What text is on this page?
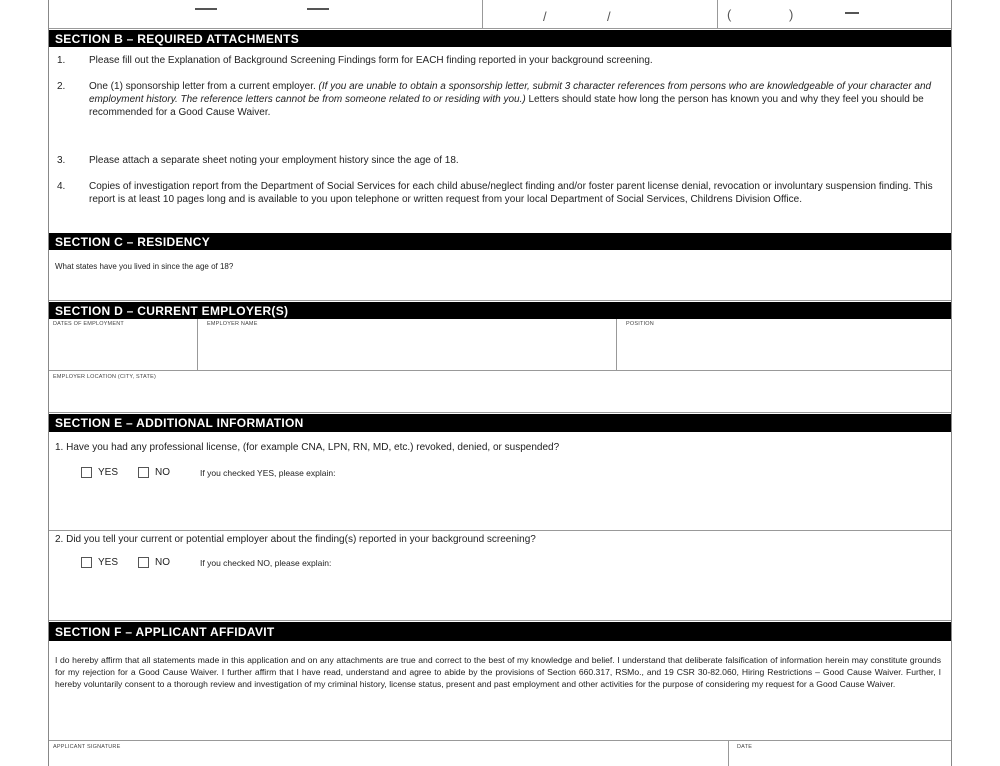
/	/	(	)
SECTION B – REQUIRED ATTACHMENTS
1.	Please fill out the Explanation of Background Screening Findings form for EACH finding reported in your background screening.
2.	One (1) sponsorship letter from a current employer. (If you are unable to obtain a sponsorship letter, submit 3 character references from persons who are knowledgeable of your character and employment history. The reference letters cannot be from someone related to or residing with you.) Letters should state how long the person has known you and why they feel you should be recommended for a Good Cause Waiver.
3.	Please attach a separate sheet noting your employment history since the age of 18.
4.	Copies of investigation report from the Department of Social Services for each child abuse/neglect finding and/or foster parent license denial, revocation or involuntary suspension finding. This report is at least 10 pages long and is available to you upon telephone or written request from your local Department of Social Services, Childrens Division Office.
SECTION C – RESIDENCY
What states have you lived in since the age of 18?
SECTION D – CURRENT EMPLOYER(S)
DATES OF EMPLOYMENT	EMPLOYER NAME	POSITION
EMPLOYER LOCATION (CITY, STATE)
SECTION E – ADDITIONAL INFORMATION
1. Have you had any professional license, (for example CNA, LPN, RN, MD, etc.) revoked, denied, or suspended?
YES	NO	If you checked YES, please explain:
2. Did you tell your current or potential employer about the finding(s) reported in your background screening?
YES	NO	If you checked NO, please explain:
SECTION F – APPLICANT AFFIDAVIT
I do hereby affirm that all statements made in this application and on any attachments are true and correct to the best of my knowledge and belief. I understand that deliberate falsification of information herein may constitute grounds for my rejection for a Good Cause Waiver. I further affirm that I have read, understand and agree to abide by the provisions of Section 660.317, RSMo., and 19 CSR 30-82.060, Hiring Restrictions – Good Cause Waiver. Further, I hereby voluntarily consent to a thorough review and investigation of my criminal history, license status, present and past employment and other activities for the purpose of considering my request for a Good Cause Waiver.
APPLICANT SIGNATURE	DATE
